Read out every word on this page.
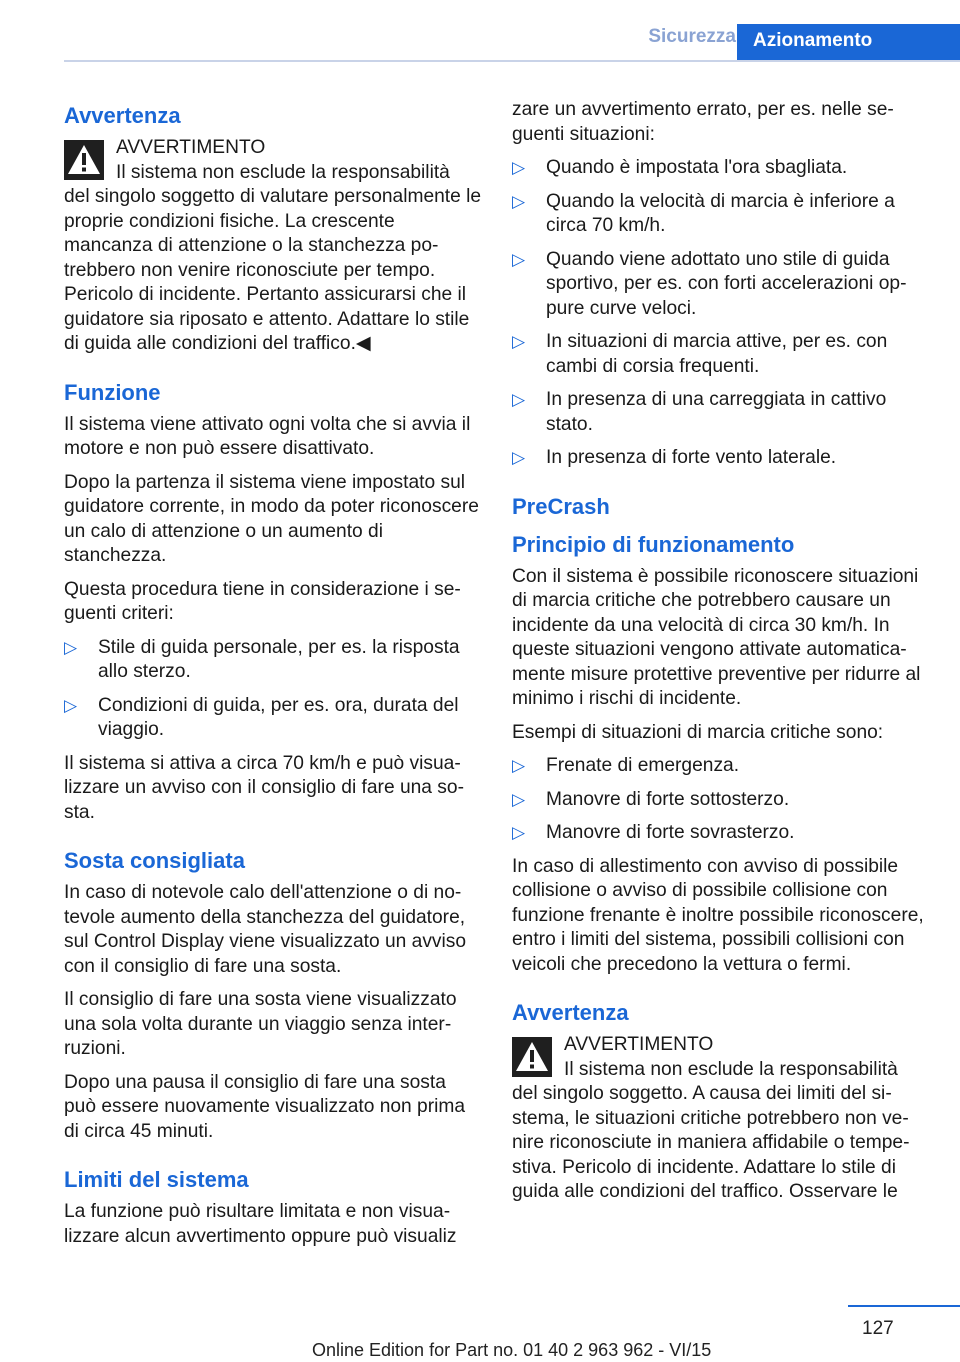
Sicurezza Azionamento
Avvertenza
AVVERTIMENTO
Il sistema non esclude la responsabilità

del singolo soggetto di valutare personalmente le proprie condizioni fisiche. La crescente mancanza di attenzione o la stanchezza potrebbero non venire riconosciute per tempo. Pericolo di incidente. Pertanto assicurarsi che il guidatore sia riposato e attento. Adattare lo stile di guida alle condizioni del traffico.◀

Funzione

Il sistema viene attivato ogni volta che si avvia il motore e non può essere disattivato.

Dopo la partenza il sistema viene impostato sul guidatore corrente, in modo da poter riconoscere un calo di attenzione o un aumento di stanchezza.

Questa procedura tiene in considerazione i seguenti criteri:

▷ Stile di guida personale, per es. la risposta allo sterzo.
▷ Condizioni di guida, per es. ora, durata del viaggio.

Il sistema si attiva a circa 70 km/h e può visualizzare un avviso con il consiglio di fare una sosta.

Sosta consigliata

In caso di notevole calo dell'attenzione o di notevole aumento della stanchezza del guidatore, sul Control Display viene visualizzato un avviso con il consiglio di fare una sosta.

Il consiglio di fare una sosta viene visualizzato una sola volta durante un viaggio senza interruzioni.

Dopo una pausa il consiglio di fare una sosta può essere nuovamente visualizzato non prima di circa 45 minuti.

Limiti del sistema

La funzione può risultare limitata e non visualizzare alcun avvertimento oppure può visualiz

zare un avvertimento errato, per es. nelle seguenti situazioni:

▷ Quando è impostata l'ora sbagliata.
▷ Quando la velocità di marcia è inferiore a circa 70 km/h.
▷ Quando viene adottato uno stile di guida sportivo, per es. con forti accelerazioni oppure curve veloci.
▷ In situazioni di marcia attive, per es. con cambi di corsia frequenti.
▷ In presenza di una carreggiata in cattivo stato.
▷ In presenza di forte vento laterale.
PreCrash
Principio di funzionamento

Con il sistema è possibile riconoscere situazioni di marcia critiche che potrebbero causare un incidente da una velocità di circa 30 km/h. In queste situazioni vengono attivate automaticamente misure protettive preventive per ridurre al minimo i rischi di incidente.

Esempi di situazioni di marcia critiche sono:

▷ Frenate di emergenza.
▷ Manovre di forte sottosterzo.
▷ Manovre di forte sovrasterzo.

In caso di allestimento con avviso di possibile collisione o avviso di possibile collisione con funzione frenante è inoltre possibile riconoscere, entro i limiti del sistema, possibili collisioni con veicoli che precedono la vettura o fermi.

Avvertenza
AVVERTIMENTO
Il sistema non esclude la responsabilità

del singolo soggetto. A causa dei limiti del sistema, le situazioni critiche potrebbero non venire riconosciute in maniera affidabile o tempestiva. Pericolo di incidente. Adattare lo stile di guida alle condizioni del traffico. Osservare le

127
Online Edition for Part no. 01 40 2 963 962 - VI/15
